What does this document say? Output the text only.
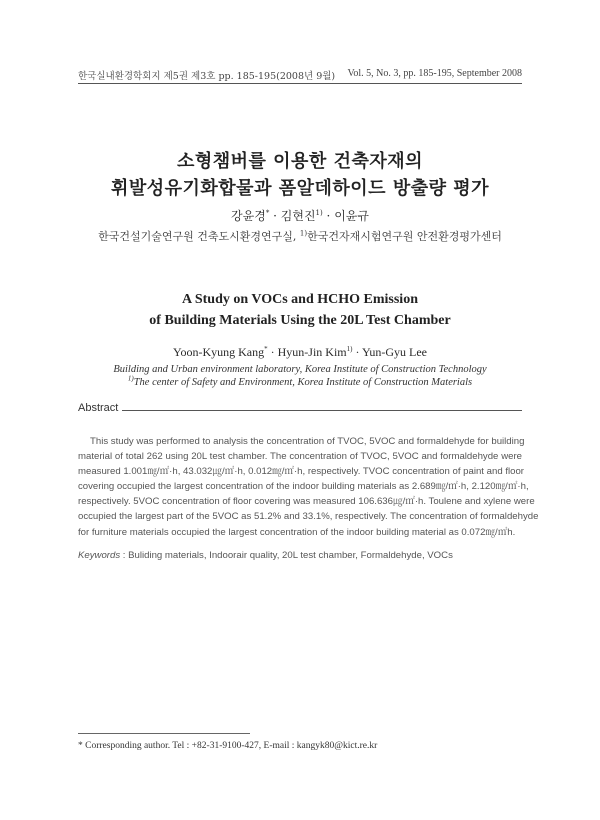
한국실내환경학회지 제5권 제3호 pp. 185-195(2008년 9월) Vol. 5, No. 3, pp. 185-195, September 2008
소형챔버를 이용한 건축자재의
휘발성유기화합물과 폼알데하이드 방출량 평가
강윤경* · 김현진$^{1)}$ · 이윤규
한국건설기술연구원 건축도시환경연구실, $^{1)}$한국건자재시험연구원 안전환경평가센터
A Study on VOCs and HCHO Emission
of Building Materials Using the 20L Test Chamber
Yoon-Kyung Kang* · Hyun-Jin Kim$^{1)}$ · Yun-Gyu Lee
Building and Urban environment laboratory, Korea Institute of Construction Technology
$^{1)}$The center of Safety and Environment, Korea Institute of Construction Materials
Abstract
This study was performed to analysis the concentration of TVOC, 5VOC and formaldehyde for building
material of total 262 using 20L test chamber. The concentration of TVOC, 5VOC and formaldehyde were
measured 1.001㎎/㎡·h, 43.032㎍/㎡·h, 0.012㎎/㎡·h, respectively. TVOC concentration of paint and floor
covering occupied the largest concentration of the indoor building materials as 2.689㎎/㎡·h, 2.120㎎/㎡·h,
respectively. 5VOC concentration of floor covering was measured 106.636㎍/㎡·h. Toulene and xylene were
occupied the largest part of the 5VOC as 51.2% and 33.1%, respectively. The concentration of formaldehyde
for furniture materials occupied the largest concentration of the indoor building material as 0.072㎎/㎡h.
Keywords : Buliding materials, Indoorair quality, 20L test chamber, Formaldehyde, VOCs
* Corresponding author. Tel : +82-31-9100-427, E-mail : kangyk80@kict.re.kr
